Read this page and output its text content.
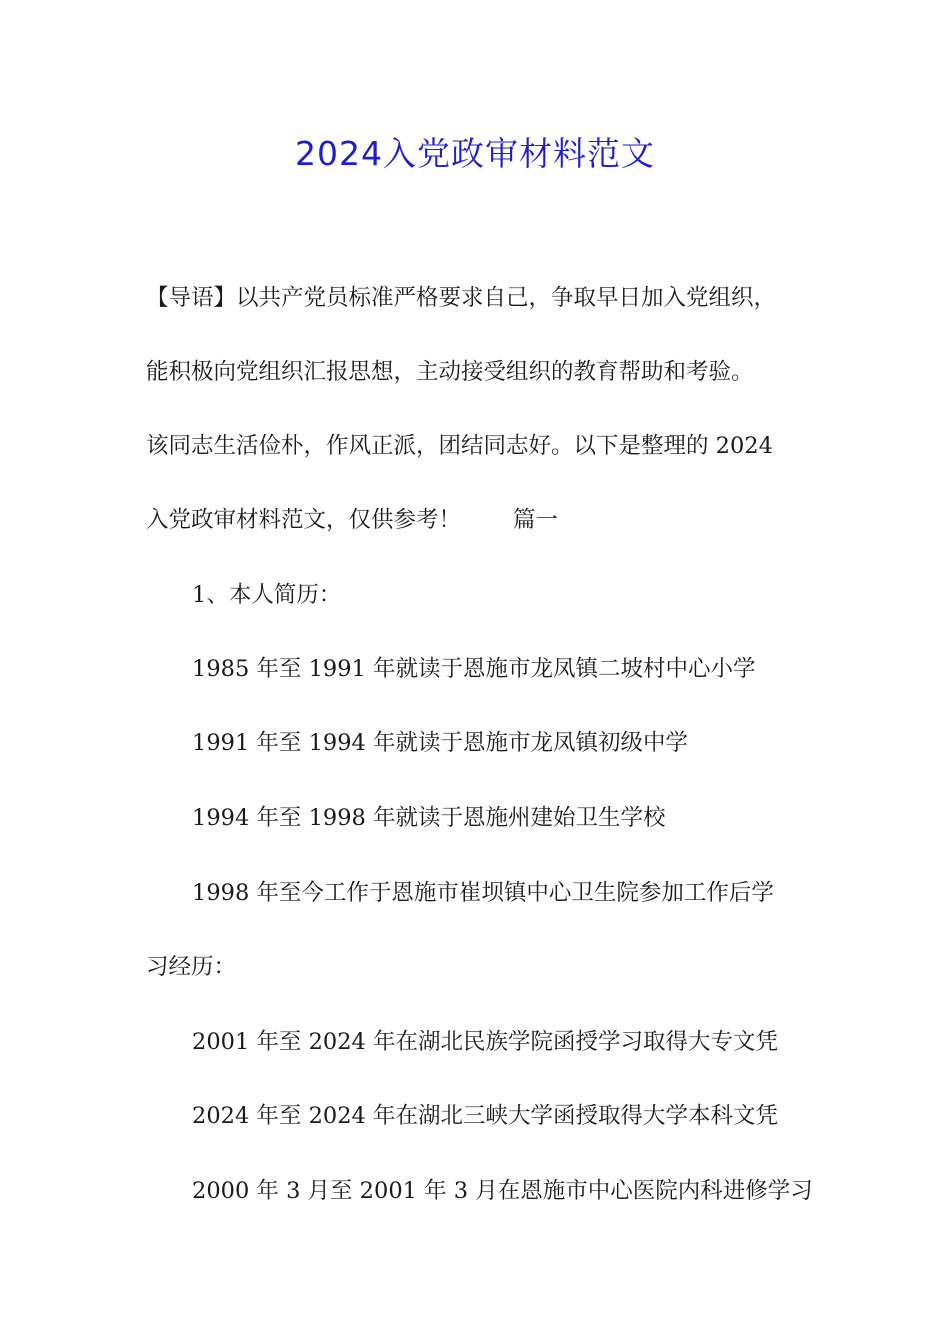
2024入党政审材料范文

【导语】以共产党员标准严格要求自己，争取早日加入党组织，

能积极向党组织汇报思想，主动接受组织的教育帮助和考验。

该同志生活俭朴，作风正派，团结同志好。以下是整理的 2024

入党政审材料范文，仅供参考！ 篇一

1、本人简历：

1985 年至 1991 年就读于恩施市龙凤镇二坡村中心小学

1991 年至 1994 年就读于恩施市龙凤镇初级中学

1994 年至 1998 年就读于恩施州建始卫生学校

1998 年至今工作于恩施市崔坝镇中心卫生院参加工作后学

习经历：

2001 年至 2024 年在湖北民族学院函授学习取得大专文凭

2024 年至 2024 年在湖北三峡大学函授取得大学本科文凭

2000 年 3 月至 2001 年 3 月在恩施市中心医院内科进修学习
